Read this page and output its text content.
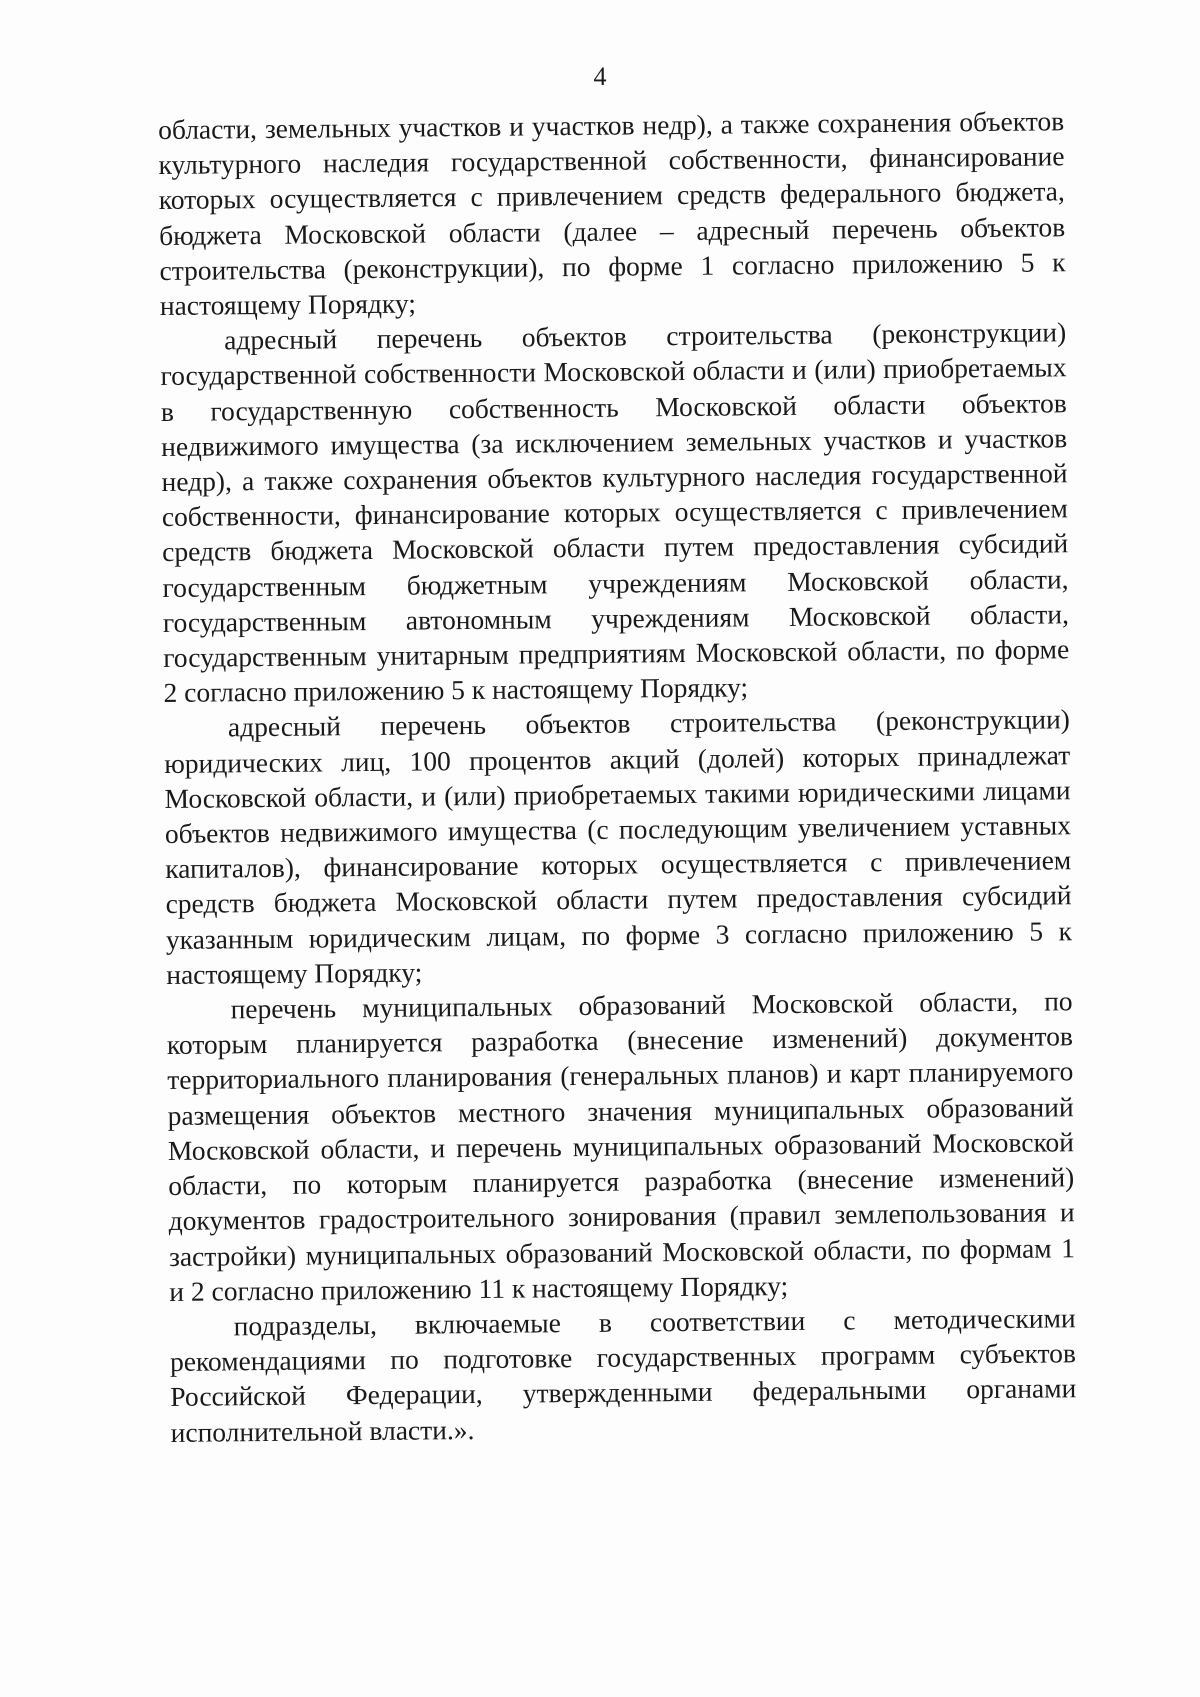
4

области, земельных участков и участков недр), а также сохранения объектов культурного наследия государственной собственности, финансирование которых осуществляется с привлечением средств федерального бюджета, бюджета Московской области (далее – адресный перечень объектов строительства (реконструкции), по форме 1 согласно приложению 5 к настоящему Порядку;

адресный перечень объектов строительства (реконструкции) государственной собственности Московской области и (или) приобретаемых в государственную собственность Московской области объектов недвижимого имущества (за исключением земельных участков и участков недр), а также сохранения объектов культурного наследия государственной собственности, финансирование которых осуществляется с привлечением средств бюджета Московской области путем предоставления субсидий государственным бюджетным учреждениям Московской области, государственным автономным учреждениям Московской области, государственным унитарным предприятиям Московской области, по форме 2 согласно приложению 5 к настоящему Порядку;

адресный перечень объектов строительства (реконструкции) юридических лиц, 100 процентов акций (долей) которых принадлежат Московской области, и (или) приобретаемых такими юридическими лицами объектов недвижимого имущества (с последующим увеличением уставных капиталов), финансирование которых осуществляется с привлечением средств бюджета Московской области путем предоставления субсидий указанным юридическим лицам, по форме 3 согласно приложению 5 к настоящему Порядку;

перечень муниципальных образований Московской области, по которым планируется разработка (внесение изменений) документов территориального планирования (генеральных планов) и карт планируемого размещения объектов местного значения муниципальных образований Московской области, и перечень муниципальных образований Московской области, по которым планируется разработка (внесение изменений) документов градостроительного зонирования (правил землепользования и застройки) муниципальных образований Московской области, по формам 1 и 2 согласно приложению 11 к настоящему Порядку;

подразделы, включаемые в соответствии с методическими рекомендациями по подготовке государственных программ субъектов Российской Федерации, утвержденными федеральными органами исполнительной власти.».
